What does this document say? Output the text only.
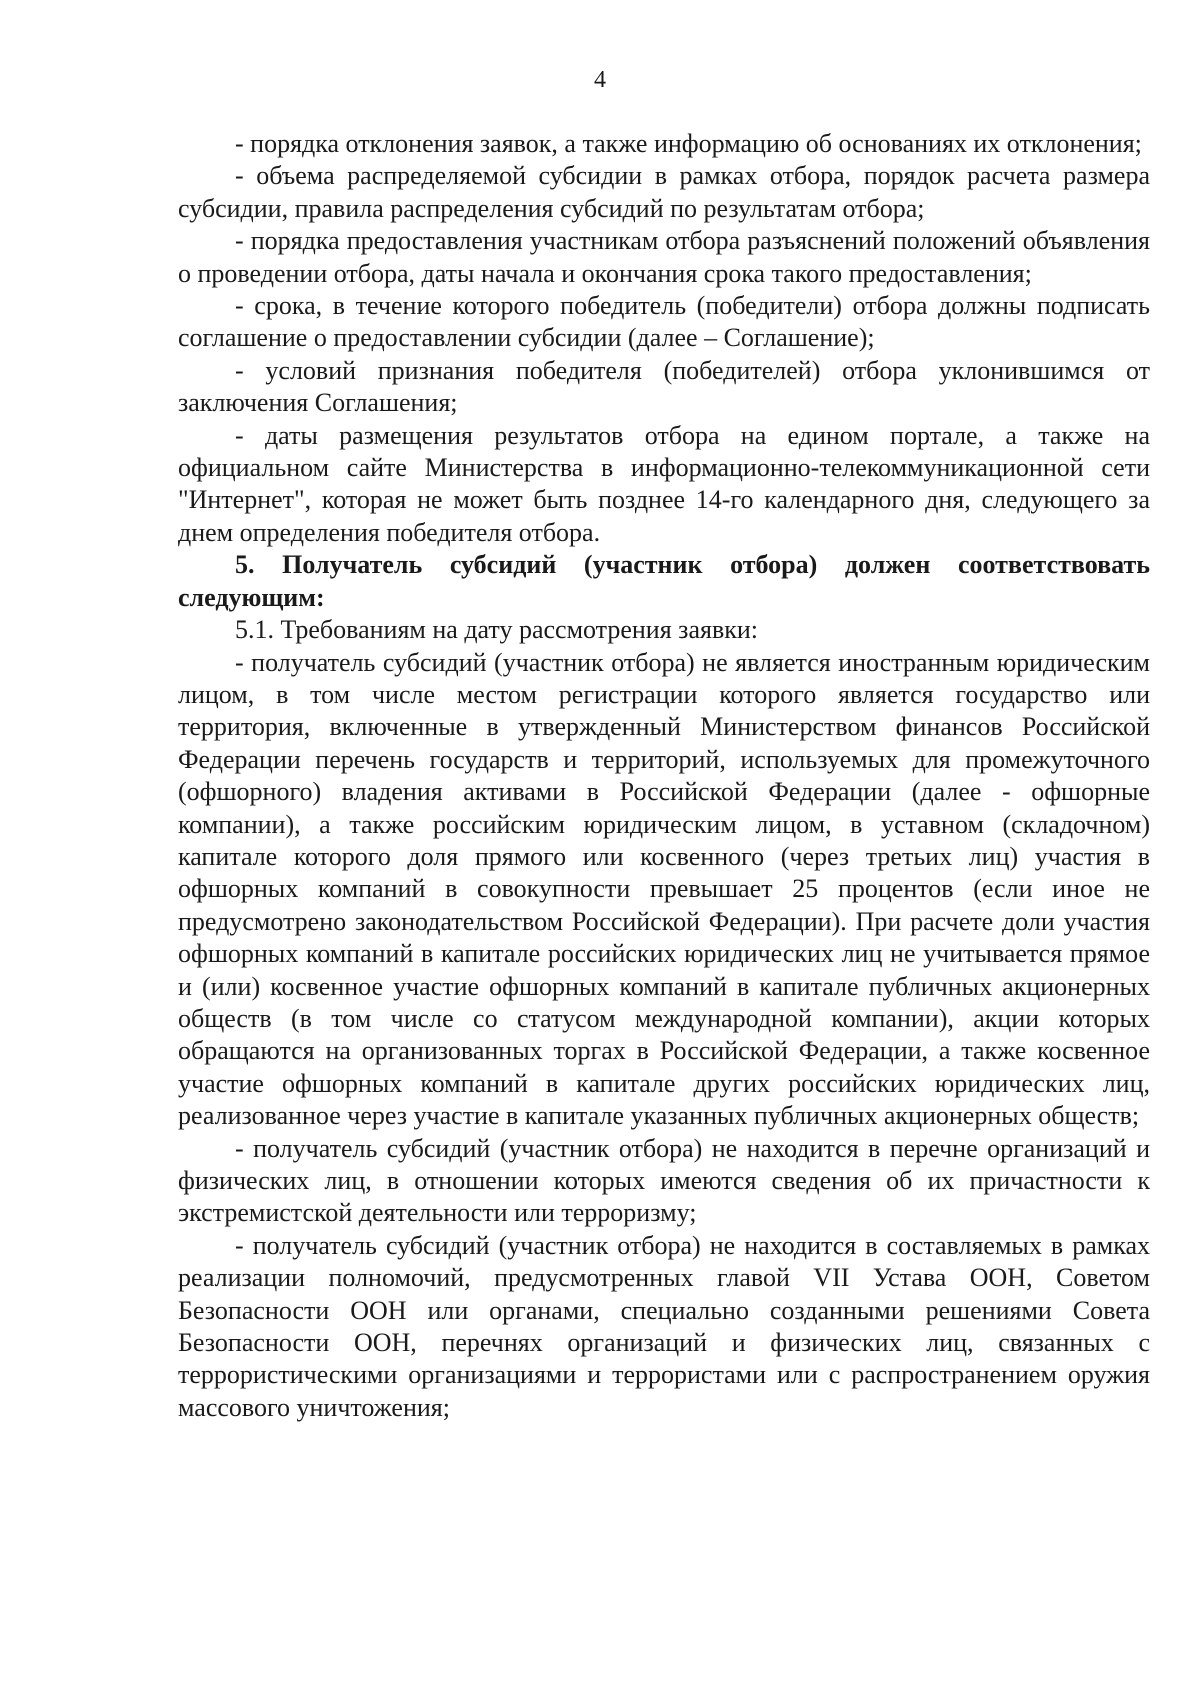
4

- порядка отклонения заявок, а также информацию об основаниях их отклонения;

- объема распределяемой субсидии в рамках отбора, порядок расчета размера субсидии, правила распределения субсидий по результатам отбора;

- порядка предоставления участникам отбора разъяснений положений объявления о проведении отбора, даты начала и окончания срока такого предоставления;

- срока, в течение которого победитель (победители) отбора должны подписать соглашение о предоставлении субсидии (далее – Соглашение);

- условий признания победителя (победителей) отбора уклонившимся от заключения Соглашения;

- даты размещения результатов отбора на едином портале, а также на официальном сайте Министерства в информационно-телекоммуникационной сети "Интернет", которая не может быть позднее 14-го календарного дня, следующего за днем определения победителя отбора.

5. Получатель субсидий (участник отбора) должен соответствовать следующим:

5.1. Требованиям на дату рассмотрения заявки:

- получатель субсидий (участник отбора) не является иностранным юридическим лицом, в том числе местом регистрации которого является государство или территория, включенные в утвержденный Министерством финансов Российской Федерации перечень государств и территорий, используемых для промежуточного (офшорного) владения активами в Российской Федерации (далее - офшорные компании), а также российским юридическим лицом, в уставном (складочном) капитале которого доля прямого или косвенного (через третьих лиц) участия в офшорных компаний в совокупности превышает 25 процентов (если иное не предусмотрено законодательством Российской Федерации). При расчете доли участия офшорных компаний в капитале российских юридических лиц не учитывается прямое и (или) косвенное участие офшорных компаний в капитале публичных акционерных обществ (в том числе со статусом международной компании), акции которых обращаются на организованных торгах в Российской Федерации, а также косвенное участие офшорных компаний в капитале других российских юридических лиц, реализованное через участие в капитале указанных публичных акционерных обществ;

- получатель субсидий (участник отбора) не находится в перечне организаций и физических лиц, в отношении которых имеются сведения об их причастности к экстремистской деятельности или терроризму;

- получатель субсидий (участник отбора) не находится в составляемых в рамках реализации полномочий, предусмотренных главой VII Устава ООН, Советом Безопасности ООН или органами, специально созданными решениями Совета Безопасности ООН, перечнях организаций и физических лиц, связанных с террористическими организациями и террористами или с распространением оружия массового уничтожения;
